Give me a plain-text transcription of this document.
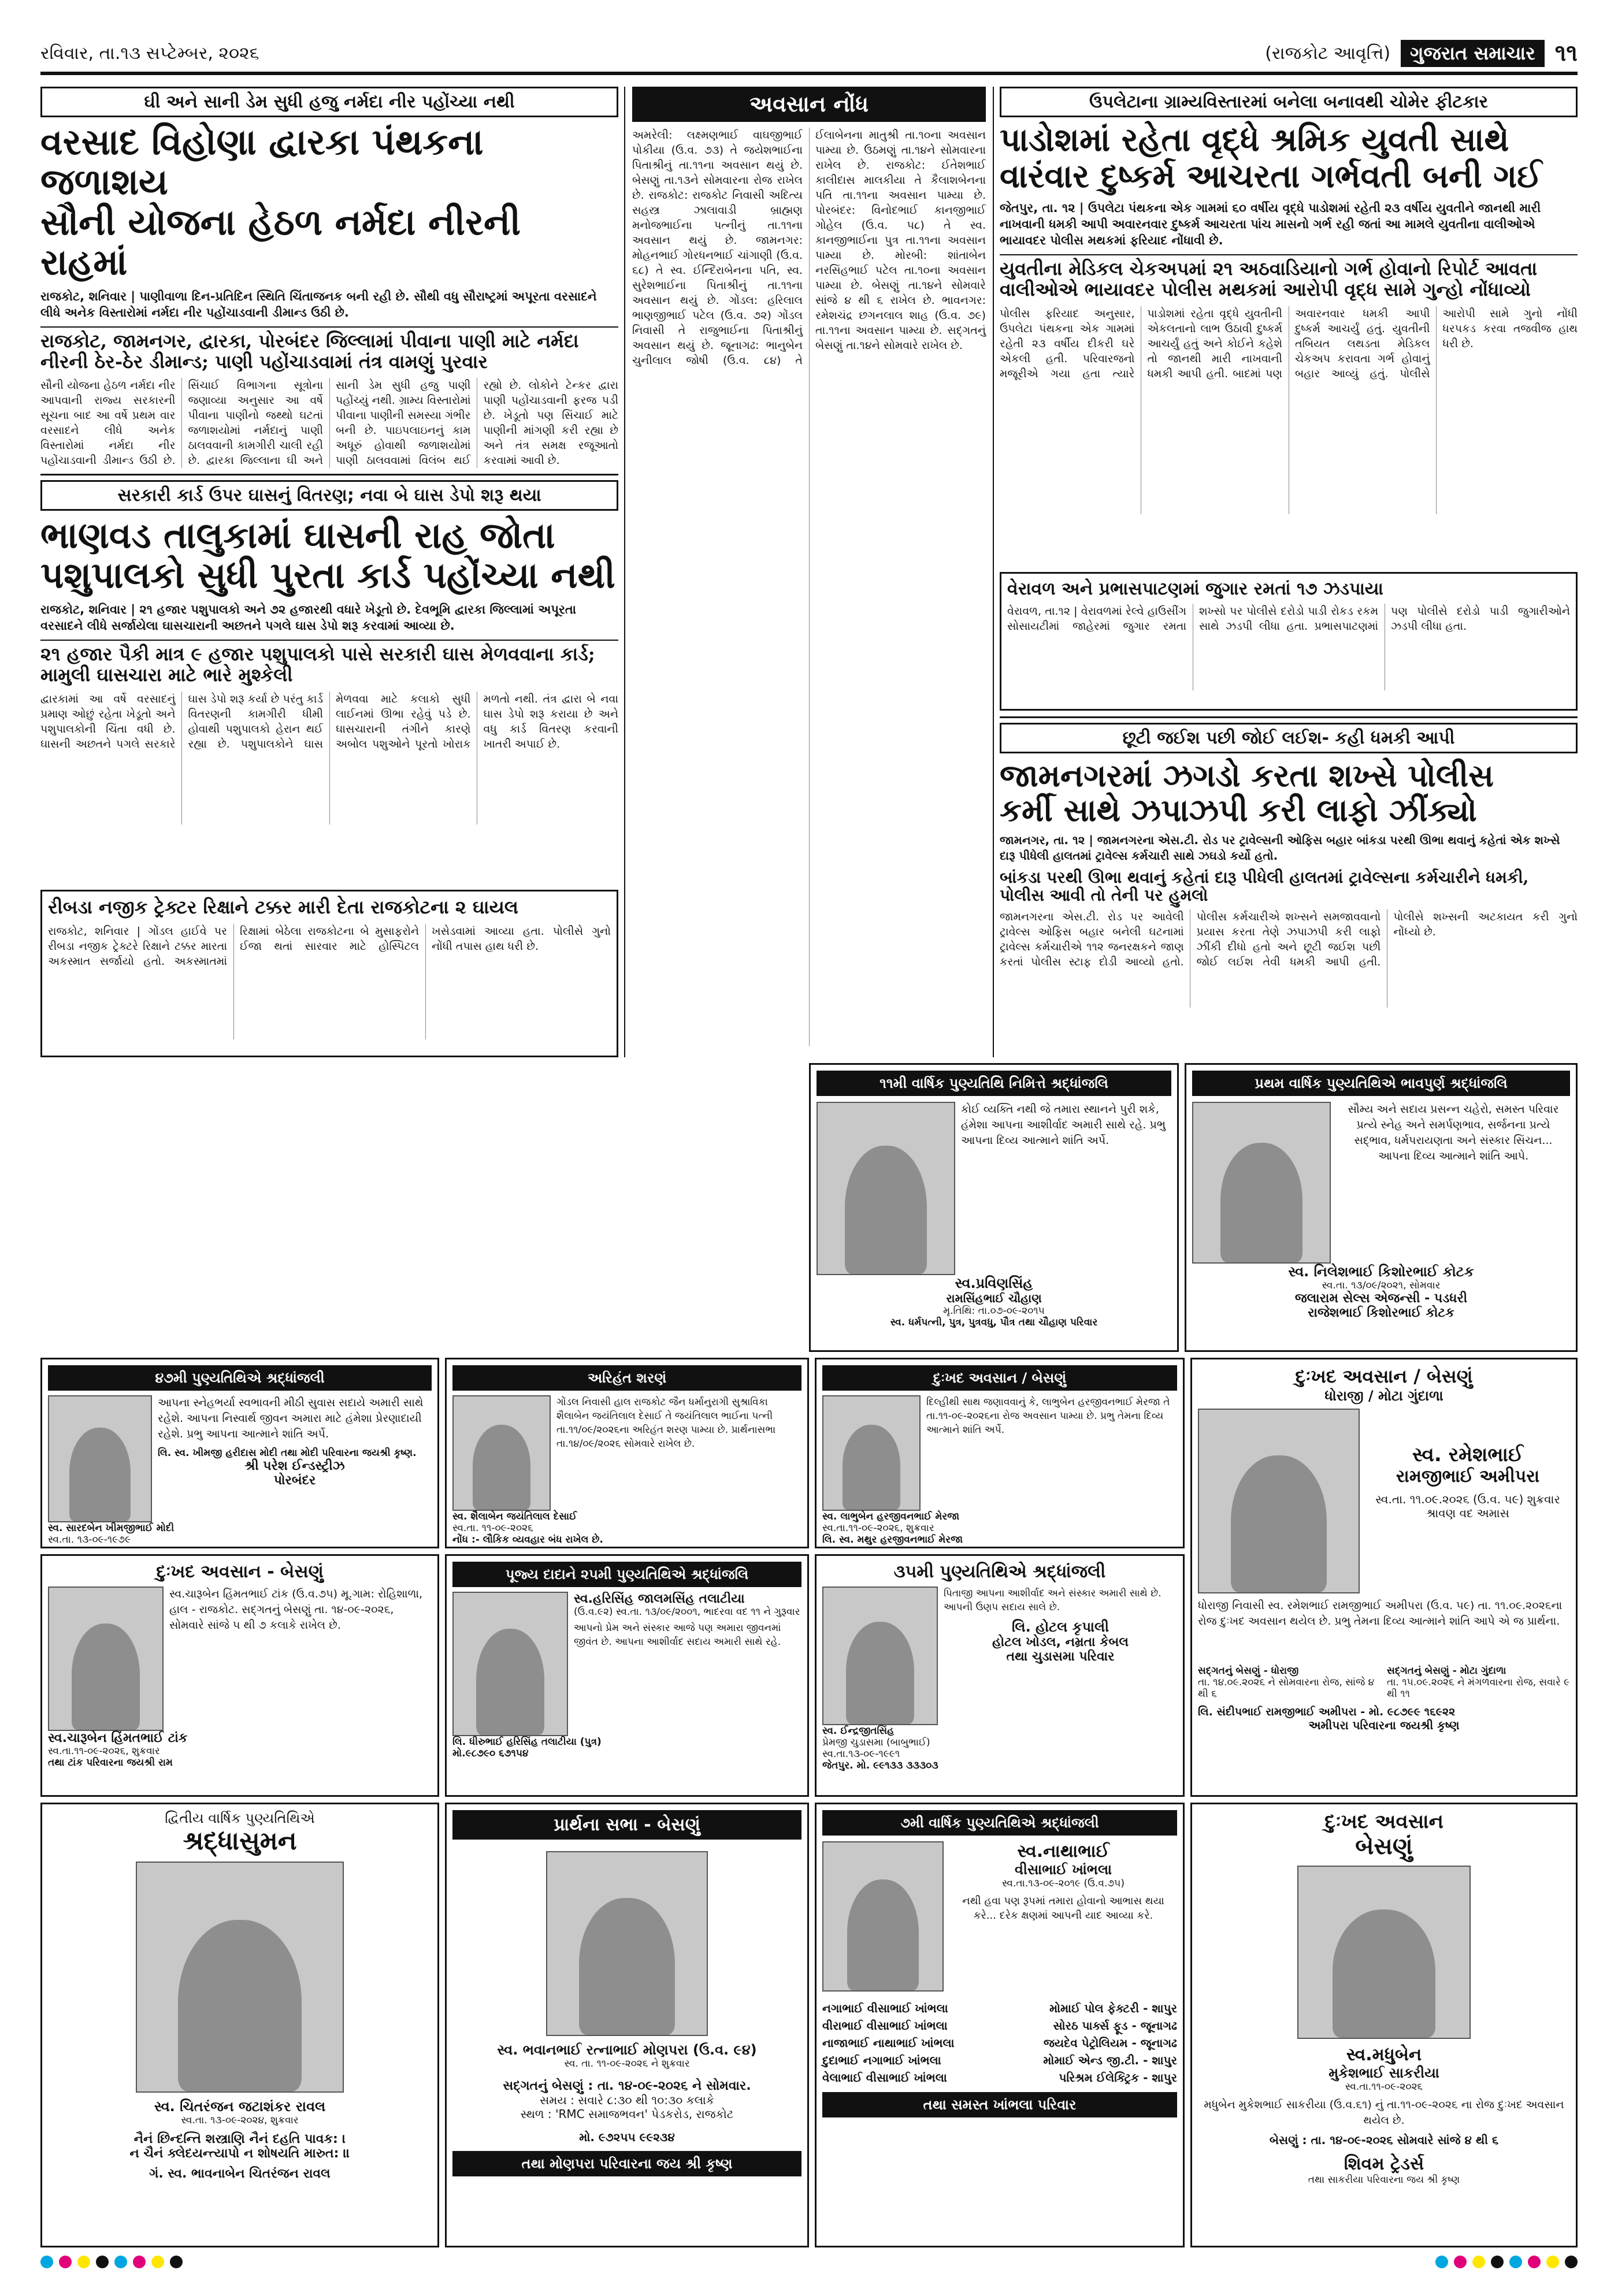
રવિવાર, તા.૧૩ સપ્ટેમ્બર, ૨૦૨૬	(રાજકોટ આવૃત્તિ)	ગુજરાત સમાચાર ૧૧
ઘી અને સાની ડેમ સુધી હજુ નર્મદા નીર પહોંચ્યા નથી
વરસાદ વિહોણા દ્વારકા પંથકના જળાશય
સૌની યોજના હેઠળ નર્મદા નીરની રાહમાં
રાજકોટ, શનિવાર | પાણીવાળા દિન-પ્રતિદિન સ્થિતિ ચિંતાજનક બની રહી છે. સૌથી વધુ સૌરાષ્ટ્રમાં અપૂરતા વરસાદને લીધે અનેક વિસ્તારોમાં નર્મદા નીર પહોંચાડવાની ડીમાન્ડ ઉઠી છે.
રાજકોટ, જામનગર, દ્વારકા, પોરબંદર જિલ્લામાં પીવાના પાણી માટે નર્મદા નીરની ઠેર-ઠેર ડીમાન્ડ; પાણી પહોંચાડવામાં તંત્ર વામણું પુરવાર
સૌની યોજના હેઠળ નર્મદા નીર આપવાની રાજ્ય સરકારની સૂચના બાદ આ વર્ષે પ્રથમ વાર વરસાદને લીધે અનેક વિસ્તારોમાં નર્મદા નીર પહોંચાડવાની ડીમાન્ડ ઉઠી છે. સિંચાઈ વિભાગના સૂત્રોના જણાવ્યા અનુસાર આ વર્ષે પીવાના પાણીનો જથ્થો ઘટતાં જળાશયોમાં નર્મદાનું પાણી ઠાલવવાની કામગીરી ચાલી રહી છે. દ્વારકા જિલ્લાના ઘી અને સાની ડેમ સુધી હજુ પાણી પહોંચ્યું નથી. ગ્રામ્ય વિસ્તારોમાં પીવાના પાણીની સમસ્યા ગંભીર બની છે. પાઇપલાઇનનું કામ અધૂરું હોવાથી જળાશયોમાં પાણી ઠાલવવામાં વિલંબ થઈ રહ્યો છે. લોકોને ટેન્કર દ્વારા પાણી પહોંચાડવાની ફરજ પડી છે. ખેડૂતો પણ સિંચાઈ માટે પાણીની માંગણી કરી રહ્યા છે અને તંત્ર સમક્ષ રજૂઆતો કરવામાં આવી છે.
સરકારી કાર્ડ ઉપર ઘાસનું વિતરણ; નવા બે ઘાસ ડેપો શરૂ થયા
ભાણવડ તાલુકામાં ઘાસની રાહ જોતા
પશુપાલકો સુધી પુરતા કાર્ડ પહોંચ્યા નથી
રાજકોટ, શનિવાર | ૨૧ હજાર પશુપાલકો અને ૭૨ હજારથી વધારે ખેડૂતો છે. દેવભૂમિ દ્વારકા જિલ્લામાં અપૂરતા વરસાદને લીધે સર્જાયેલા ઘાસચારાની અછતને પગલે ઘાસ ડેપો શરૂ કરવામાં આવ્યા છે.
૨૧ હજાર પૈકી માત્ર ૯ હજાર પશુપાલકો પાસે સરકારી ઘાસ મેળવવાના કાર્ડ; મામુલી ઘાસચારા માટે ભારે મુશ્કેલી
દ્વારકામાં આ વર્ષે વરસાદનું પ્રમાણ ઓછું રહેતા ખેડૂતો અને પશુપાલકોની ચિંતા વધી છે. ઘાસની અછતને પગલે સરકારે ઘાસ ડેપો શરૂ કર્યા છે પરંતુ કાર્ડ વિતરણની કામગીરી ધીમી હોવાથી પશુપાલકો હેરાન થઈ રહ્યા છે. પશુપાલકોને ઘાસ મેળવવા માટે કલાકો સુધી લાઈનમાં ઊભા રહેવું પડે છે. ઘાસચારાની તંગીને કારણે અબોલ પશુઓને પૂરતો ખોરાક મળતો નથી. તંત્ર દ્વારા બે નવા ઘાસ ડેપો શરૂ કરાયા છે અને વધુ કાર્ડ વિતરણ કરવાની ખાતરી અપાઈ છે.
રીબડા નજીક ટ્રેક્ટર રિક્ષાને ટક્કર મારી દેતા રાજકોટના ૨ ઘાયલ
રાજકોટ, શનિવાર | ગોંડલ હાઈવે પર રીબડા નજીક ટ્રેક્ટરે રિક્ષાને ટક્કર મારતા અકસ્માત સર્જાયો હતો. અકસ્માતમાં રિક્ષામાં બેઠેલા રાજકોટના બે મુસાફરોને ઈજા થતાં સારવાર માટે હોસ્પિટલ ખસેડવામાં આવ્યા હતા. પોલીસે ગુનો નોંધી તપાસ હાથ ધરી છે.
અવસાન નોંધ
અમરેલી: લક્ષ્મણભાઈ વાઘજીભાઈ પોકીયા (ઉ.વ. ૭૩) તે જયેશભાઈના પિતાશ્રીનું તા.૧૧ના અવસાન થયું છે. બેસણું તા.૧૩ને સોમવારના રોજ રાખેલ છે. રાજકોટ: રાજકોટ નિવાસી અદિત્ય સહસ્ત્ર ઝાલાવાડી બ્રાહ્મણ મનોજભાઈના પત્નીનું તા.૧૧ના અવસાન થયું છે. જામનગર: મોહનભાઈ ગોરધનભાઈ ચાંગાણી (ઉ.વ. ૬૮) તે સ્વ. ઈન્દિરાબેનના પતિ, સ્વ. સુરેશભાઈના પિતાશ્રીનું તા.૧૧ના અવસાન થયું છે. ગોંડલ: હરિલાલ ભાણજીભાઈ પટેલ (ઉ.વ. ૭૨) ગોંડલ નિવાસી તે રાજુભાઈના પિતાશ્રીનું અવસાન થયું છે. જૂનાગઢ: ભાનુબેન ચુનીલાલ જોષી (ઉ.વ. ૮૪) તે ઈલાબેનના માતુશ્રી તા.૧૦ના અવસાન પામ્યા છે. ઉઠમણું તા.૧૪ને સોમવારના રાખેલ છે. રાજકોટ: ઈતેશભાઈ કાલીદાસ માલકીયા તે કૈલાશબેનના પતિ તા.૧૧ના અવસાન પામ્યા છે. પોરબંદર: વિનોદભાઈ કાનજીભાઈ ગોહેલ (ઉ.વ. ૫૮) તે સ્વ. કાનજીભાઈના પુત્ર તા.૧૧ના અવસાન પામ્યા છે. મોરબી: શાંતાબેન નરસિંહભાઈ પટેલ તા.૧૦ના અવસાન પામ્યા છે. બેસણું તા.૧૪ને સોમવારે સાંજે ૪ થી ૬ રાખેલ છે. ભાવનગર: રમેશચંદ્ર છગનલાલ શાહ (ઉ.વ. ૭૯) તા.૧૧ના અવસાન પામ્યા છે. સદ્ગતનું બેસણું તા.૧૪ને સોમવારે રાખેલ છે.
ઉપલેટાના ગ્રામ્યવિસ્તારમાં બનેલા બનાવથી ચોમેર ફીટકાર
પાડોશમાં રહેતા વૃદ્ધે શ્રમિક યુવતી સાથે
વારંવાર દુષ્કર્મ આચરતા ગર્ભવતી બની ગઈ
જેતપુર, તા. ૧૨ | ઉપલેટા પંથકના એક ગામમાં ૬૦ વર્ષીય વૃદ્ધે પાડોશમાં રહેતી ૨૩ વર્ષીય યુવતીને જાનથી મારી નાખવાની ધમકી આપી અવારનવાર દુષ્કર્મ આચરતા પાંચ માસનો ગર્ભ રહી જતાં આ મામલે યુવતીના વાલીઓએ ભાયાવદર પોલીસ મથકમાં ફરિયાદ નોંધાવી છે.
યુવતીના મેડિકલ ચેકઅપમાં ૨૧ અઠવાડિયાનો ગર્ભ હોવાનો રિપોર્ટ આવતા વાલીઓએ ભાયાવદર પોલીસ મથકમાં આરોપી વૃદ્ધ સામે ગુન્હો નોંધાવ્યો
પોલીસ ફરિયાદ અનુસાર, ઉપલેટા પંથકના એક ગામમાં રહેતી ૨૩ વર્ષીય દીકરી ઘરે એકલી હતી. પરિવારજનો મજૂરીએ ગયા હતા ત્યારે પાડોશમાં રહેતા વૃદ્ધે યુવતીની એકલતાનો લાભ ઉઠાવી દુષ્કર્મ આચર્યું હતું અને કોઈને કહેશે તો જાનથી મારી નાખવાની ધમકી આપી હતી. બાદમાં પણ અવારનવાર ધમકી આપી દુષ્કર્મ આચર્યું હતું. યુવતીની તબિયત લથડતા મેડિકલ ચેકઅપ કરાવતા ગર્ભ હોવાનું બહાર આવ્યું હતું. પોલીસે આરોપી સામે ગુનો નોંધી ધરપકડ કરવા તજવીજ હાથ ધરી છે.
છૂટી જઈશ પછી જોઈ લઈશ- કહી ધમકી આપી
જામનગરમાં ઝગડો કરતા શખ્સે પોલીસ
કર્મી સાથે ઝપાઝપી કરી લાફો ઝીંક્યો
જામનગર, તા. ૧૨ | જામનગરના એસ.ટી. રોડ પર ટ્રાવેલ્સની ઓફિસ બહાર બાંકડા પરથી ઊભા થવાનું કહેતાં એક શખ્સે દારૂ પીધેલી હાલતમાં ટ્રાવેલ્સ કર્મચારી સાથે ઝઘડો કર્યો હતો.
બાંકડા પરથી ઊભા થવાનું કહેતાં દારૂ પીધેલી હાલતમાં ટ્રાવેલ્સના કર્મચારીને ધમકી, પોલીસ આવી તો તેની પર હુમલો
જામનગરના એસ.ટી. રોડ પર આવેલી ટ્રાવેલ્સ ઓફિસ બહાર બનેલી ઘટનામાં ટ્રાવેલ્સ કર્મચારીએ ૧૧૨ જનરક્ષકને જાણ કરતાં પોલીસ સ્ટાફ દોડી આવ્યો હતો. પોલીસ કર્મચારીએ શખ્સને સમજાવવાનો પ્રયાસ કરતા તેણે ઝપાઝપી કરી લાફો ઝીંકી દીધો હતો અને છૂટી જઈશ પછી જોઈ લઈશ તેવી ધમકી આપી હતી. પોલીસે શખ્સની અટકાયત કરી ગુનો નોંધ્યો છે.
વેરાવળ અને પ્રભાસપાટણમાં જુગાર રમતાં ૧૭ ઝડપાયા
વેરાવળ, તા.૧૨ | વેરાવળમાં રેલ્વે હાઉસીંગ સોસાયટીમાં જાહેરમાં જુગાર રમતા શખ્સો પર પોલીસે દરોડો પાડી રોકડ રકમ સાથે ઝડપી લીધા હતા. પ્રભાસપાટણમાં પણ પોલીસે દરોડો પાડી જુગારીઓને ઝડપી લીધા હતા.
૧૧મી વાર્ષિક પુણ્યતિથિ નિમિત્તે શ્રદ્ધાંજલિ
કોઈ વ્યક્તિ નથી જે તમારા સ્થાનને પુરી શકે, હંમેશા આપના આશીર્વાદ અમારી સાથે રહે. પ્રભુ આપના દિવ્ય આત્માને શાંતિ અર્પે.
સ્વ.પ્રવિણસિંહ
રામસિંહભાઈ ચૌહાણ
મૃ.તિથિ: તા.૦૭-૦૯-૨૦૧૫
સ્વ. ધર્મપત્ની, પુત્ર, પુત્રવધુ, પૌત્ર તથા ચૌહાણ પરિવાર
પ્રથમ વાર્ષિક પુણ્યતિથિએ ભાવપુર્ણ શ્રદ્ધાંજલિ
સૌમ્ય અને સદાય પ્રસન્ન ચહેરો, સમસ્ત પરિવાર પ્રત્યે સ્નેહ અને સમર્પણભાવ, સર્જનના પ્રત્યે સદ્ભાવ, ધર્મપરાયણતા અને સંસ્કાર સિંચન... આપના દિવ્ય આત્માને શાંતિ આપે.
સ્વ. નિલેશભાઈ કિશોરભાઈ કોટક
સ્વ.તા. ૧૩/૦૯/૨૦૨૧, સોમવાર
જલારામ સેલ્સ એજન્સી - પડધરી
રાજેશભાઈ કિશોરભાઈ કોટક
૪૭મી પુણ્યતિથિએ શ્રદ્ધાંજલી
આપના સ્નેહભર્યા સ્વભાવની મીઠી સુવાસ સદાયે અમારી સાથે રહેશે. આપના નિસ્વાર્થ જીવન અમારા માટે હંમેશા પ્રેરણાદાયી રહેશે. પ્રભુ આપના આત્માને શાંતિ અર્પે.
લિ. સ્વ. ખીમજી હરીદાસ મોદી તથા મોદી પરિવારના જયશ્રી કૃષ્ણ.
શ્રી પરેશ ઈન્ડસ્ટ્રીઝ
પોરબંદર
સ્વ. સારદબેન ખીમજીભાઈ મોદી
સ્વ.તા. ૧૩-૦૯-૧૯૭૯
અરિહંત શરણં
ગોંડલ નિવાસી હાલ રાજકોટ જૈન ધર્માનુરાગી સુશ્રાવિકા શૈલાબેન જયંતિલાલ દેસાઈ તે જયંતિલાલ ભાઈના પત્ની તા.૧૧/૦૯/૨૦૨૬ના અરિહંત શરણ પામ્યા છે. પ્રાર્થનાસભા તા.૧૪/૦૯/૨૦૨૬ સોમવારે રાખેલ છે.
સ્વ. શૈલાબેન જયંતિલાલ દેસાઈ
સ્વ.તા. ૧૧-૦૯-૨૦૨૬
નોંધ :- લૌકિક વ્યવહાર બંધ રાખેલ છે.
દુઃખદ અવસાન / બેસણું
દિલ્હીથી સાથ જણાવવાનું કે, લાભુબેન હરજીવનભાઈ મેરજા તે તા.૧૧-૦૯-૨૦૨૬ના રોજ અવસાન પામ્યા છે. પ્રભુ તેમના દિવ્ય આત્માને શાંતિ અર્પે.
સ્વ. લાભુબેન હરજીવનભાઈ મેરજા
સ્વ.તા.૧૧-૦૯-૨૦૨૬, શુક્રવાર
લિ. સ્વ. મથુર હરજીવનભાઈ મેરજા
દુઃખદ અવસાન / બેસણું
ધોરાજી / મોટા ગુંદાળા
સ્વ. રમેશભાઈ
રામજીભાઈ અમીપરા
સ્વ.તા. ૧૧.૦૯.૨૦૨૬ (ઉ.વ. ૫૯) શુક્રવાર
શ્રાવણ વદ અમાસ
ધોરાજી નિવાસી સ્વ. રમેશભાઈ રામજીભાઈ અમીપરા (ઉ.વ. ૫૯) તા. ૧૧.૦૯.૨૦૨૬ના રોજ દુઃખદ અવસાન થયેલ છે. પ્રભુ તેમના દિવ્ય આત્માને શાંતિ આપે એ જ પ્રાર્થના.
સદ્ગતનું બેસણું - ધોરાજી
તા. ૧૪.૦૯.૨૦૨૬ ને સોમવારના રોજ, સાંજે ૪ થી ૬
સદ્ગતનું બેસણું - મોટા ગુંદાળા
તા. ૧૫.૦૯.૨૦૨૬ ને મંગળવારના રોજ, સવારે ૯ થી ૧૧
લિ. સંદીપભાઈ રામજીભાઈ અમીપરા - મો. ૯૮૭૯૯ ૧૬૯૨૨
અમીપરા પરિવારના જયશ્રી કૃષ્ણ
દુઃખદ અવસાન - બેસણું
સ્વ.ચારૂબેન હિંમતભાઈ ટાંક (ઉ.વ.૭૫) મૂ.ગામ: રોહિશાળા, હાલ - રાજકોટ. સદ્ગતનું બેસણું તા. ૧૪-૦૯-૨૦૨૬, સોમવારે સાંજે ૫ થી ૭ કલાકે રાખેલ છે.
સ્વ.ચારૂબેન હિંમતભાઈ ટાંક
સ્વ.તા.૧૧-૦૯-૨૦૨૬, શુક્રવાર
તથા ટાંક પરિવારના જયશ્રી રામ
પૂજ્ય દાદાને ૨૫મી પુણ્યતિથિએ શ્રદ્ધાંજલિ
સ્વ.હરિસિંહ જાલમસિંહ તલાટીયા
(ઉ.વ.૯૨) સ્વ.તા. ૧૩/૦૯/૨૦૦૧, ભાદરવા વદ ૧૧ ને ગુરૂવાર
આપનો પ્રેમ અને સંસ્કાર આજે પણ અમારા જીવનમાં જીવંત છે. આપના આશીર્વાદ સદાય અમારી સાથે રહે.
લિ. ધીરુભાઈ હરિસિંહ તલાટીયા (પુત્ર)
મો.૯૮૭૯૦ ૬૭૧૫૪
૩૫મી પુણ્યતિથિએ શ્રદ્ધાંજલી
પિતાજી આપના આશીર્વાદ અને સંસ્કાર અમારી સાથે છે. આપની ઉણપ સદાય સાલે છે.
લિ. હોટલ કૃપાલી
હોટલ ખોડલ, નમ્રતા કેબલ
તથા ચુડાસમા પરિવાર
સ્વ. ઈન્દ્રજીતસિંહ
પ્રેમજી ચુડાસમા (બાબુભાઈ)
સ્વ.તા.૧૩-૦૯-૧૯૯૧
જેતપુર. મો. ૯૯૧૩૩ ૩૩૩૦૩
દ્વિતીય વાર્ષિક પુણ્યતિથિએ
શ્રદ્ધાસુમન
સ્વ. ચિતરંજન જટાશંકર રાવલ
સ્વ.તા. ૧૩-૦૯-૨૦૨૪, શુક્રવાર
નૈનં છિન્દન્તિ શસ્ત્રાણિ નૈનં દહતિ પાવક: ।
ન ચૈનં ક્લેદયન્ત્યાપો ન શોષયતિ મારુત: ॥
ગં. સ્વ. ભાવનાબેન ચિતરંજન રાવલ
પ્રાર્થના સભા - બેસણું
સ્વ. ભવાનભાઈ રત્નાભાઈ મોણપરા (ઉ.વ. ૯૪)
સ્વ. તા. ૧૧-૦૯-૨૦૨૬ ને શુક્રવાર
સદ્ગતનું બેસણું : તા. ૧૪-૦૯-૨૦૨૬ ને સોમવાર.
સમય : સવારે ૮:૩૦ થી ૧૦:૩૦ કલાકે
સ્થળ : 'RMC સમાજભવન' પેડકરોડ, રાજકોટ
મો. ૯૭૨૫૫ ૯૯૨૩૪
તથા મોણપરા પરિવારના જય શ્રી કૃષ્ણ
૭મી વાર્ષિક પુણ્યતિથિએ શ્રદ્ધાંજલી
સ્વ.નાથાભાઈ
વીસાભાઈ ખાંભલા
સ્વ.તા.૧૩-૦૯-૨૦૧૯ (ઉ.વ.૭૫)
નથી હવા પણ રૂપમાં તમારા હોવાનો આભાસ થયા કરે... દરેક ક્ષણમાં આપની યાદ આવ્યા કરે.
નગાભાઈ વીસાભાઈ ખાંભલા	મોમાઈ પોલ ફેક્ટરી - શાપુર
વીરાભાઈ વીસાભાઈ ખાંભલા	સોરઠ પાર્ક્સ ફૂડ - જૂનાગઢ
નાજાભાઈ નાથાભાઈ ખાંભલા	જયદેવ પેટ્રોલિયમ - જૂનાગઢ
દુદાભાઈ નગાભાઈ ખાંભલા	મોમાઈ એન્ડ જી.ટી. - શાપુર
વેલાભાઈ વીસાભાઈ ખાંભલા	પરિશ્રમ ઈલેક્ટ્રિક - શાપુર
તથા સમસ્ત ખાંભલા પરિવાર
દુઃખદ અવસાન
બેસણું
સ્વ.મધુબેન
મુકેશભાઈ સાકરીયા
સ્વ.તા.૧૧-૦૯-૨૦૨૬
મધુબેન મુકેશભાઈ સાકરીયા (ઉ.વ.૬૧) નું તા.૧૧-૦૯-૨૦૨૬ ના રોજ દુઃખદ અવસાન થયેલ છે.
બેસણું : તા. ૧૪-૦૯-૨૦૨૬ સોમવારે સાંજે ૪ થી ૬
શિવમ ટ્રેડર્સ
તથા સાકરીયા પરિવારના જય શ્રી કૃષ્ણ
